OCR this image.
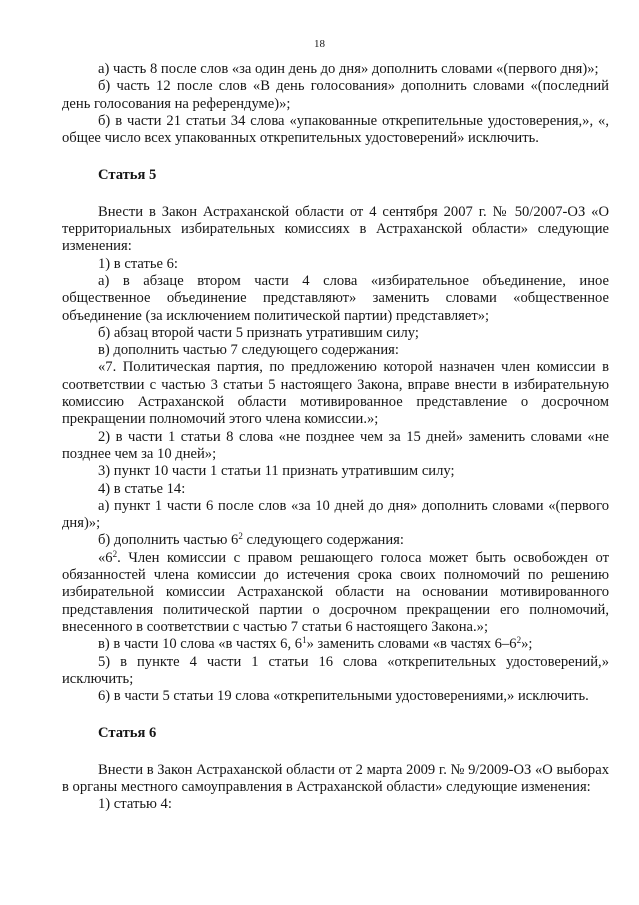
18

а) часть 8 после слов «за один день до дня» дополнить словами «(первого дня)»;

б) часть 12 после слов «В день голосования» дополнить словами «(последний день голосования на референдуме)»;

б) в части 21 статьи 34 слова «упакованные открепительные удостоверения,», «, общее число всех упакованных открепительных удостоверений» исключить.

Статья 5

Внести в Закон Астраханской области от 4 сентября 2007 г. № 50/2007-ОЗ «О территориальных избирательных комиссиях в Астраханской области» следующие изменения:

1) в статье 6:

а) в абзаце втором части 4 слова «избирательное объединение, иное общественное объединение представляют» заменить словами «общественное объединение (за исключением политической партии) представляет»;

б) абзац второй части 5 признать утратившим силу;

в) дополнить частью 7 следующего содержания:

«7. Политическая партия, по предложению которой назначен член комиссии в соответствии с частью 3 статьи 5 настоящего Закона, вправе внести в избирательную комиссию Астраханской области мотивированное представление о досрочном прекращении полномочий этого члена комиссии.»;

2) в части 1 статьи 8 слова «не позднее чем за 15 дней» заменить словами «не позднее чем за 10 дней»;

3) пункт 10 части 1 статьи 11 признать утратившим силу;

4) в статье 14:

а) пункт 1 части 6 после слов «за 10 дней до дня» дополнить словами «(первого дня)»;

б) дополнить частью $6^2$ следующего содержания:

«$6^2$. Член комиссии с правом решающего голоса может быть освобожден от обязанностей члена комиссии до истечения срока своих полномочий по решению избирательной комиссии Астраханской области на основании мотивированного представления политической партии о досрочном прекращении его полномочий, внесенного в соответствии с частью 7 статьи 6 настоящего Закона.»;

в) в части 10 слова «в частях 6, $6^1$» заменить словами «в частях $6-6^2$»;

5) в пункте 4 части 1 статьи 16 слова «открепительных удостоверений,» исключить;

6) в части 5 статьи 19 слова «открепительными удостоверениями,» исключить.

Статья 6

Внести в Закон Астраханской области от 2 марта 2009 г. № 9/2009-ОЗ «О выборах в органы местного самоуправления в Астраханской области» следующие изменения:

1) статью 4:
